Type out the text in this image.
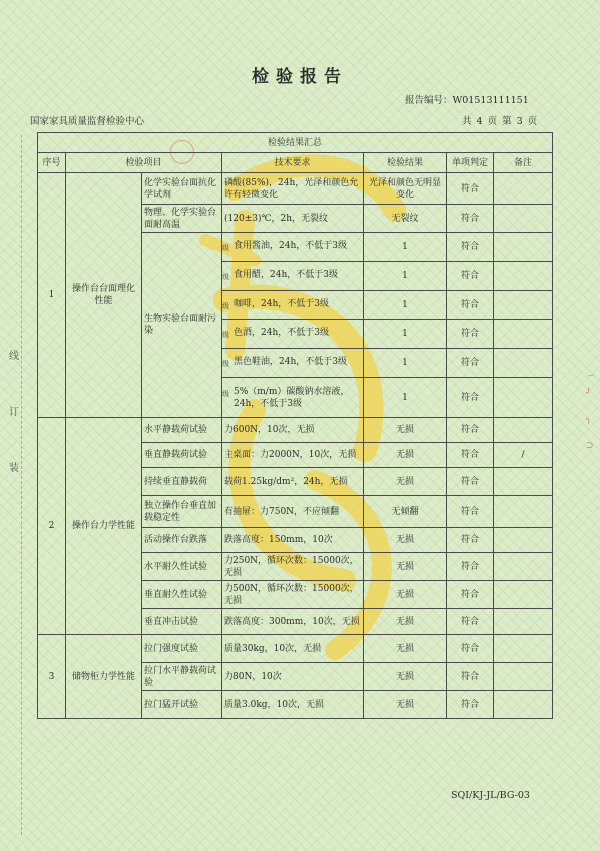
线
订
装
检验报告
报告编号：W01513111151
国家家具质量监督检验中心	共 4 页 第 3 页
检验结果汇总						
序号	检验项目		技术要求	检验结果	单项判定	备注
1	操作台台面理化性能	化学实验台面抗化学试剂	磷酸(85%)，24h，光泽和颜色允许有轻微变化	光泽和颜色无明显变化	符合	
		物理、化学实验台面耐高温	(120±3)℃，2h，无裂纹	无裂纹	符合	
		生物实验台面耐污染	级 食用酱油，24h，不低于3级	1	符合	

			级 食用醋，24h，不低于3级	1	符合	

			级 咖啡，24h，不低于3级	1	符合	

			级 色酒，24h，不低于3级	1	符合	

			级 黑色鞋油，24h，不低于3级	1	符合	

			级 5%（m/m）碳酸钠水溶液，24h，不低于3级	1	符合	
2	操作台力学性能	水平静载荷试验	力600N，10次，无损	无损	符合	
		垂直静载荷试验	主桌面：力2000N，10次，无损	无损	符合	/
		持续垂直静载荷	载荷1.25kg/dm²，24h，无损	无损	符合	
		独立操作台垂直加载稳定性	有抽屉：力750N，不应倾翻	无倾翻	符合	
		活动操作台跌落	跌落高度：150mm，10次	无损	符合	
		水平耐久性试验	力250N，循环次数：15000次，无损	无损	符合	
		垂直耐久性试验	力500N，循环次数：15000次，无损	无损	符合	
		垂直冲击试验	跌落高度：300mm，10次，无损	无损	符合	
3	储物柜力学性能	拉门强度试验	质量30kg，10次，无损	无损	符合	
		拉门水平静载荷试验	力80N，10次	无损	符合	
		拉门猛开试验	质量3.0kg，10次，无损	无损	符合	
SQI/KJ-JL/BG-03
⌒
╯

┐

⊃
